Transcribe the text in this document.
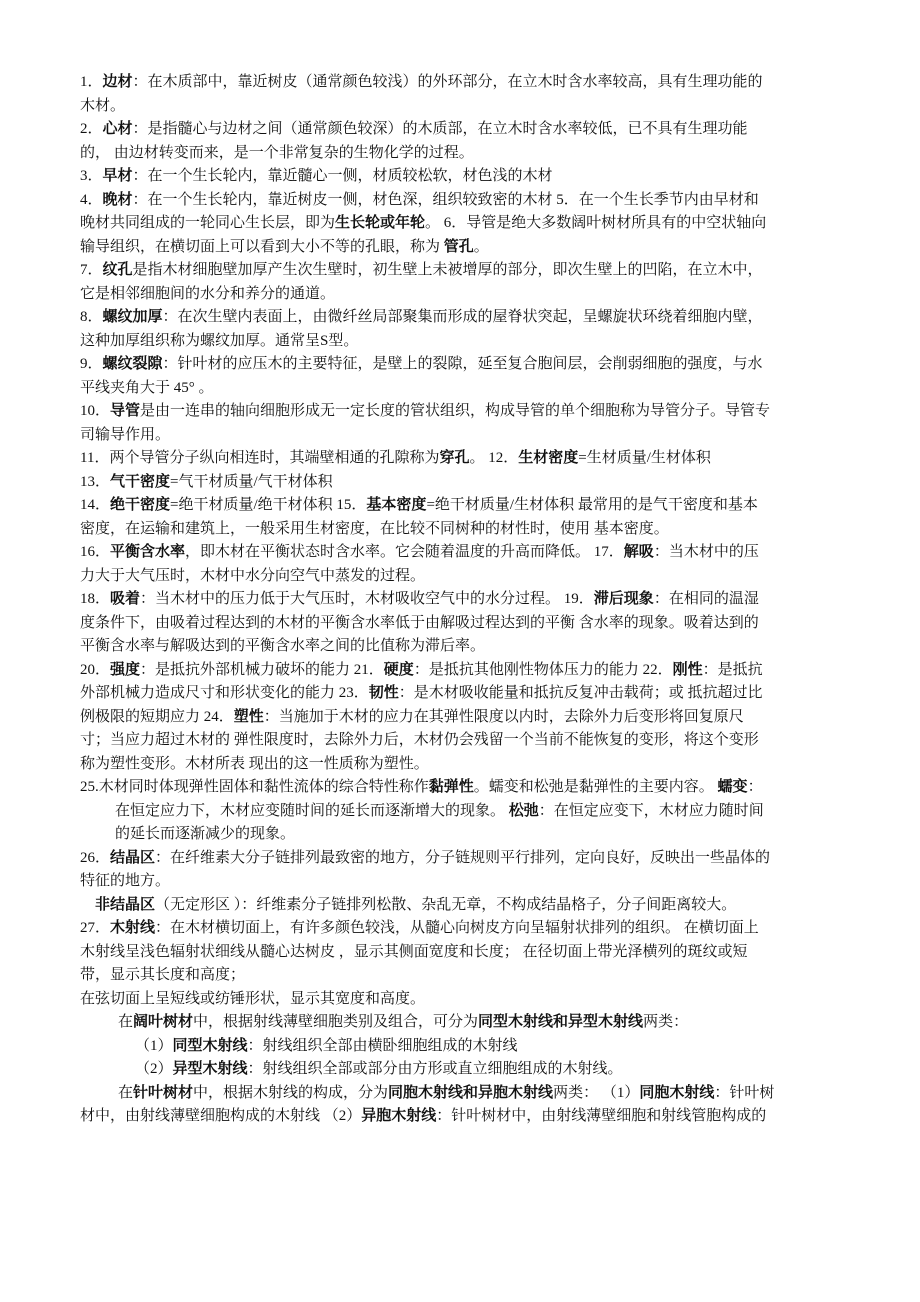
1．边材：在木质部中，靠近树皮（通常颜色较浅）的外环部分，在立木时含水率较高，具有生理功能的
木材。
2．心材：是指髓心与边材之间（通常颜色较深）的木质部，在立木时含水率较低，已不具有生理功能
的， 由边材转变而来，是一个非常复杂的生物化学的过程。
3．早材：在一个生长轮内，靠近髓心一侧，材质较松软，材色浅的木材
4．晚材：在一个生长轮内，靠近树皮一侧，材色深，组织较致密的木材 5．在一个生长季节内由早材和
晚材共同组成的一轮同心生长层，即为生长轮或年轮。 6．导管是绝大多数阔叶树材所具有的中空状轴向
输导组织，在横切面上可以看到大小不等的孔眼，称为 管孔。
7．纹孔是指木材细胞壁加厚产生次生壁时，初生壁上未被增厚的部分，即次生壁上的凹陷，在立木中，
它是相邻细胞间的水分和养分的通道。
8．螺纹加厚：在次生壁内表面上，由微纤丝局部聚集而形成的屋脊状突起，呈螺旋状环绕着细胞内壁，
这种加厚组织称为螺纹加厚。通常呈S型。
9．螺纹裂隙：针叶材的应压木的主要特征，是壁上的裂隙，延至复合胞间层，会削弱细胞的强度，与水
平线夹角大于 45° 。
10．导管是由一连串的轴向细胞形成无一定长度的管状组织，构成导管的单个细胞称为导管分子。导管专
司输导作用。
11．两个导管分子纵向相连时，其端壁相通的孔隙称为穿孔。 12．生材密度=生材质量/生材体积
13．气干密度=气干材质量/气干材体积
14．绝干密度=绝干材质量/绝干材体积 15．基本密度=绝干材质量/生材体积 最常用的是气干密度和基本
密度，在运输和建筑上，一般采用生材密度，在比较不同树种的材性时，使用 基本密度。
16．平衡含水率，即木材在平衡状态时含水率。它会随着温度的升高而降低。 17．解吸：当木材中的压
力大于大气压时，木材中水分向空气中蒸发的过程。
18．吸着：当木材中的压力低于大气压时，木材吸收空气中的水分过程。 19．滞后现象：在相同的温湿
度条件下，由吸着过程达到的木材的平衡含水率低于由解吸过程达到的平衡 含水率的现象。吸着达到的
平衡含水率与解吸达到的平衡含水率之间的比值称为滞后率。
20．强度：是抵抗外部机械力破坏的能力 21．硬度：是抵抗其他刚性物体压力的能力 22．刚性：是抵抗
外部机械力造成尺寸和形状变化的能力 23．韧性：是木材吸收能量和抵抗反复冲击载荷；或 抵抗超过比
例极限的短期应力 24．塑性：当施加于木材的应力在其弹性限度以内时，去除外力后变形将回复原尺
寸；当应力超过木材的 弹性限度时，去除外力后，木材仍会残留一个当前不能恢复的变形，将这个变形
称为塑性变形。木材所表 现出的这一性质称为塑性。
25.木材同时体现弹性固体和黏性流体的综合特性称作黏弹性。蠕变和松弛是黏弹性的主要内容。 蠕变：
在恒定应力下，木材应变随时间的延长而逐渐增大的现象。 松弛：在恒定应变下，木材应力随时间
的延长而逐渐减少的现象。
26．结晶区：在纤维素大分子链排列最致密的地方，分子链规则平行排列，定向良好，反映出一些晶体的
特征的地方。
非结晶区（无定形区 ）：纤维素分子链排列松散、杂乱无章，不构成结晶格子，分子间距离较大。
27．木射线：在木材横切面上，有许多颜色较浅，从髓心向树皮方向呈辐射状排列的组织。 在横切面上
木射线呈浅色辐射状细线从髓心达树皮 ，显示其侧面宽度和长度； 在径切面上带光泽横列的斑纹或短
带，显示其长度和高度；
在弦切面上呈短线或纺锤形状，显示其宽度和高度。
在阔叶树材中，根据射线薄壁细胞类别及组合，可分为同型木射线和异型木射线两类：
（1）同型木射线：射线组织全部由横卧细胞组成的木射线
（2）异型木射线：射线组织全部或部分由方形或直立细胞组成的木射线。
在针叶树材中，根据木射线的构成，分为同胞木射线和异胞木射线两类： （1）同胞木射线：针叶树
材中，由射线薄壁细胞构成的木射线 （2）异胞木射线：针叶树材中，由射线薄壁细胞和射线管胞构成的
